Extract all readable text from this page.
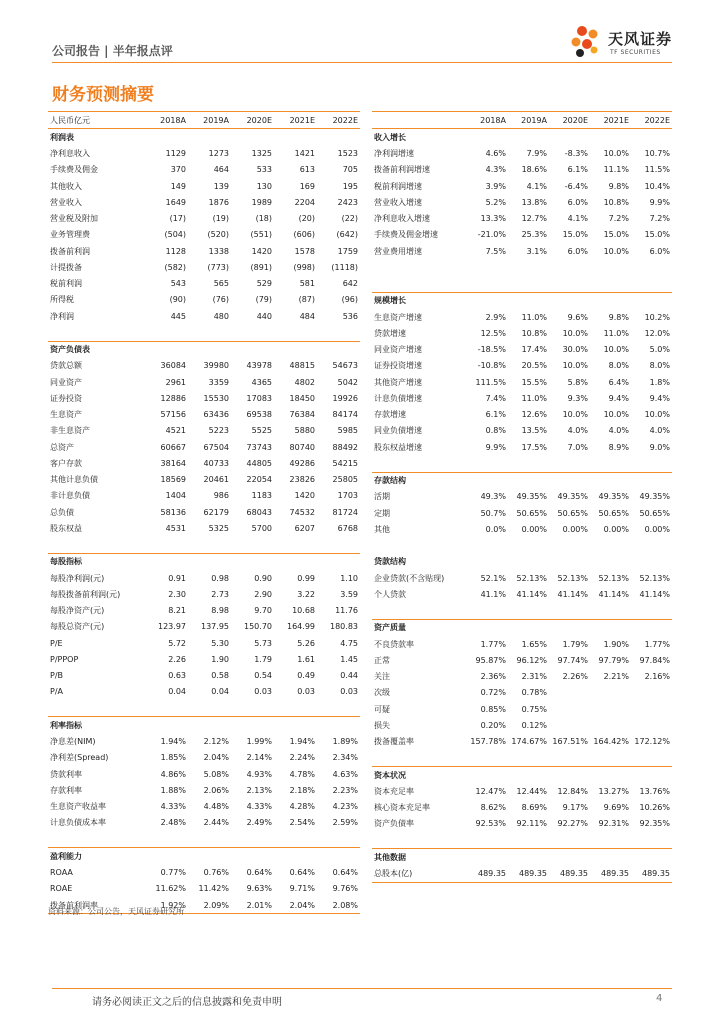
公司报告 | 半年报点评
天风证券
TF SECURITIES
财务预测摘要
人民币亿元	2018A	2019A	2020E	2021E	2022E
利润表					
净利息收入	1129	1273	1325	1421	1523
手续费及佣金	370	464	533	613	705
其他收入	149	139	130	169	195
营业收入	1649	1876	1989	2204	2423
营业税及附加	(17)	(19)	(18)	(20)	(22)
业务管理费	(504)	(520)	(551)	(606)	(642)
拨备前利润	1128	1338	1420	1578	1759
计提拨备	(582)	(773)	(891)	(998)	(1118)
税前利润	543	565	529	581	642
所得税	(90)	(76)	(79)	(87)	(96)
净利润	445	480	440	484	536

资产负债表					
贷款总额	36084	39980	43978	48815	54673
同业资产	2961	3359	4365	4802	5042
证券投资	12886	15530	17083	18450	19926
生息资产	57156	63436	69538	76384	84174
非生息资产	4521	5223	5525	5880	5985
总资产	60667	67504	73743	80740	88492
客户存款	38164	40733	44805	49286	54215
其他计息负债	18569	20461	22054	23826	25805
非计息负债	1404	986	1183	1420	1703
总负债	58136	62179	68043	74532	81724
股东权益	4531	5325	5700	6207	6768

每股指标					
每股净利润(元)	0.91	0.98	0.90	0.99	1.10
每股拨备前利润(元)	2.30	2.73	2.90	3.22	3.59
每股净资产(元)	8.21	8.98	9.70	10.68	11.76
每股总资产(元)	123.97	137.95	150.70	164.99	180.83
P/E	5.72	5.30	5.73	5.26	4.75
P/PPOP	2.26	1.90	1.79	1.61	1.45
P/B	0.63	0.58	0.54	0.49	0.44
P/A	0.04	0.04	0.03	0.03	0.03

利率指标					
净息差(NIM)	1.94%	2.12%	1.99%	1.94%	1.89%
净利差(Spread)	1.85%	2.04%	2.14%	2.24%	2.34%
贷款利率	4.86%	5.08%	4.93%	4.78%	4.63%
存款利率	1.88%	2.06%	2.13%	2.18%	2.23%
生息资产收益率	4.33%	4.48%	4.33%	4.28%	4.23%
计息负债成本率	2.48%	2.44%	2.49%	2.54%	2.59%

盈利能力					
ROAA	0.77%	0.76%	0.64%	0.64%	0.64%
ROAE	11.62%	11.42%	9.63%	9.71%	9.76%
拨备前利润率	1.92%	2.09%	2.01%	2.04%	2.08%
	2018A	2019A	2020E	2021E	2022E
收入增长					
净利润增速	4.6%	7.9%	-8.3%	10.0%	10.7%
拨备前利润增速	4.3%	18.6%	6.1%	11.1%	11.5%
税前利润增速	3.9%	4.1%	-6.4%	9.8%	10.4%
营业收入增速	5.2%	13.8%	6.0%	10.8%	9.9%
净利息收入增速	13.3%	12.7%	4.1%	7.2%	7.2%
手续费及佣金增速	-21.0%	25.3%	15.0%	15.0%	15.0%
营业费用增速	7.5%	3.1%	6.0%	10.0%	6.0%

规模增长					
生息资产增速	2.9%	11.0%	9.6%	9.8%	10.2%
贷款增速	12.5%	10.8%	10.0%	11.0%	12.0%
同业资产增速	-18.5%	17.4%	30.0%	10.0%	5.0%
证券投资增速	-10.8%	20.5%	10.0%	8.0%	8.0%
其他资产增速	111.5%	15.5%	5.8%	6.4%	1.8%
计息负债增速	7.4%	11.0%	9.3%	9.4%	9.4%
存款增速	6.1%	12.6%	10.0%	10.0%	10.0%
同业负债增速	0.8%	13.5%	4.0%	4.0%	4.0%
股东权益增速	9.9%	17.5%	7.0%	8.9%	9.0%

存款结构					
活期	49.3%	49.35%	49.35%	49.35%	49.35%
定期	50.7%	50.65%	50.65%	50.65%	50.65%
其他	0.0%	0.00%	0.00%	0.00%	0.00%

贷款结构					
企业贷款(不含贴现)	52.1%	52.13%	52.13%	52.13%	52.13%
个人贷款	41.1%	41.14%	41.14%	41.14%	41.14%

资产质量					
不良贷款率	1.77%	1.65%	1.79%	1.90%	1.77%
正常	95.87%	96.12%	97.74%	97.79%	97.84%
关注	2.36%	2.31%	2.26%	2.21%	2.16%
次级	0.72%	0.78%			
可疑	0.85%	0.75%			
损失	0.20%	0.12%			
拨备覆盖率	157.78%	174.67%	167.51%	164.42%	172.12%

资本状况					
资本充足率	12.47%	12.44%	12.84%	13.27%	13.76%
核心资本充足率	8.62%	8.69%	9.17%	9.69%	10.26%
资产负债率	92.53%	92.11%	92.27%	92.31%	92.35%

其他数据					
总股本(亿)	489.35	489.35	489.35	489.35	489.35
资料来源：公司公告，天风证券研究所
请务必阅读正文之后的信息披露和免责申明	4
